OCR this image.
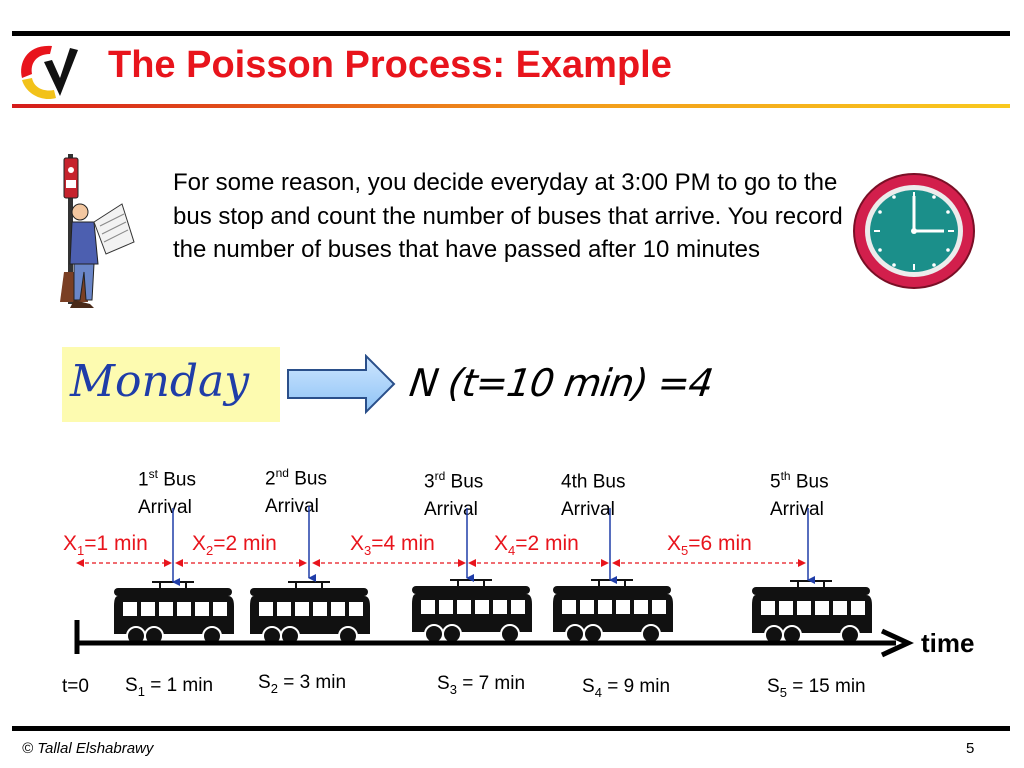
The Poisson Process: Example
For some reason, you decide everyday at 3:00 PM to go to the bus stop and count the number of buses that arrive. You record the number of buses that have passed after 10 minutes
Monday	N (t=10 min) =4
1st Bus
Arrival
2nd Bus
Arrival
3rd Bus
Arrival
4th Bus
Arrival
5th Bus
Arrival
$X_1=1$ $\min X_2=2$ min	$X_3=4$ min	$X_4=2$ min	$X_5=6$ min
time
t=0 $S_1 = 1$ $\min S_2 = 3$ min	$S_3 = 7$ min	$S_4 = 9$ min	$S_5 = 15$ min
© Tallal Elshabrawy	5
